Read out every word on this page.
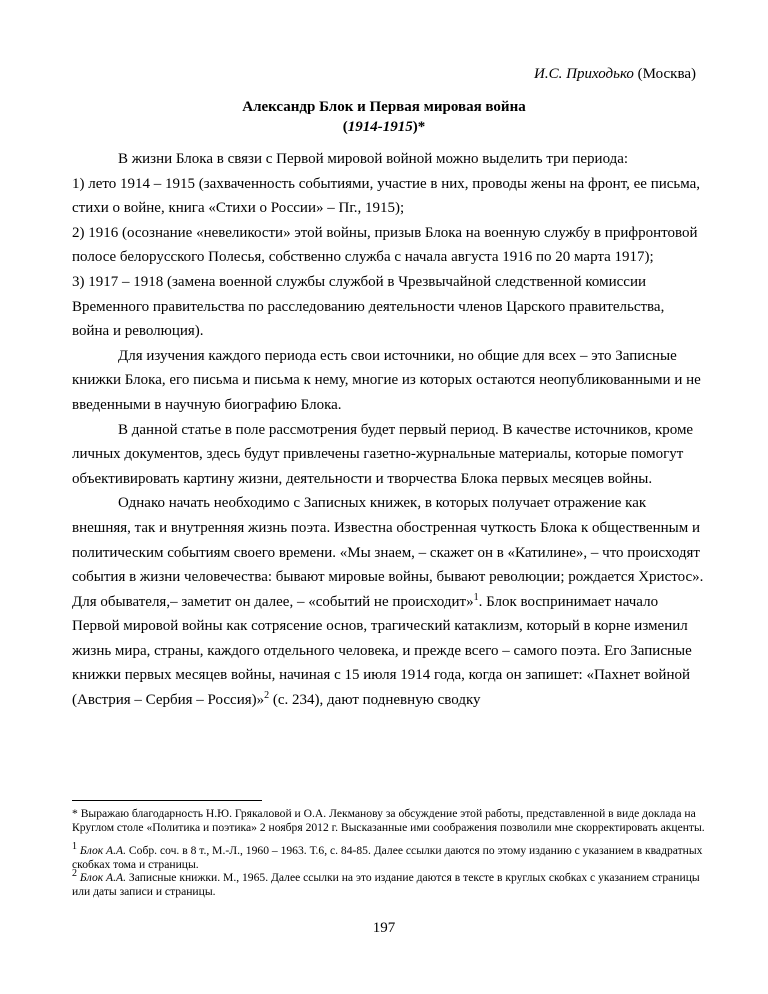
И.С. Приходько (Москва)
Александр Блок и Первая мировая война
(1914-1915)*

В жизни Блока в связи с Первой мировой войной можно выделить три периода:

1) лето 1914 – 1915 (захваченность событиями, участие в них, проводы жены на фронт, ее письма, стихи о войне, книга «Стихи о России» – Пг., 1915);

2) 1916 (осознание «невеликости» этой войны, призыв Блока на военную службу в прифронтовой полосе белорусского Полесья, собственно служба с начала августа 1916 по 20 марта 1917);

3) 1917 – 1918 (замена военной службы службой в Чрезвычайной следственной комиссии Временного правительства по расследованию деятельности членов Царского правительства, война и революция).

Для изучения каждого периода есть свои источники, но общие для всех – это Записные книжки Блока, его письма и письма к нему, многие из которых остаются неопубликованными и не введенными в научную биографию Блока.

В данной статье в поле рассмотрения будет первый период. В качестве источников, кроме личных документов, здесь будут привлечены газетно-журнальные материалы, которые помогут объективировать картину жизни, деятельности и творчества Блока первых месяцев войны.

Однако начать необходимо с Записных книжек, в которых получает отражение как внешняя, так и внутренняя жизнь поэта. Известна обостренная чуткость Блока к общественным и политическим событиям своего времени. «Мы знаем, – скажет он в «Катилине», – что происходят события в жизни человечества: бывают мировые войны, бывают революции; рождается Христос». Для обывателя,– заметит он далее, – «событий не происходит»$^1$. Блок воспринимает начало Первой мировой войны как сотрясение основ, трагический катаклизм, который в корне изменил жизнь мира, страны, каждого отдельного человека, и прежде всего – самого поэта. Его Записные книжки первых месяцев войны, начиная с 15 июля 1914 года, когда он запишет: «Пахнет войной (Австрия – Сербия – Россия)»$^2$ (с. 234), дают подневную сводку

* Выражаю благодарность Н.Ю. Грякаловой и О.А. Лекманову за обсуждение этой работы, представленной в виде доклада на Круглом столе «Политика и поэтика» 2 ноября 2012 г. Высказанные ими соображения позволили мне скорректировать акценты.

$^1$ Блок А.А. Собр. соч. в 8 т., М.-Л., 1960 – 1963. Т.6, с. 84-85. Далее ссылки даются по этому изданию с указанием в квадратных скобках тома и страницы.

$^2$ Блок А.А. Записные книжки. М., 1965. Далее ссылки на это издание даются в тексте в круглых скобках с указанием страницы или даты записи и страницы.

197
